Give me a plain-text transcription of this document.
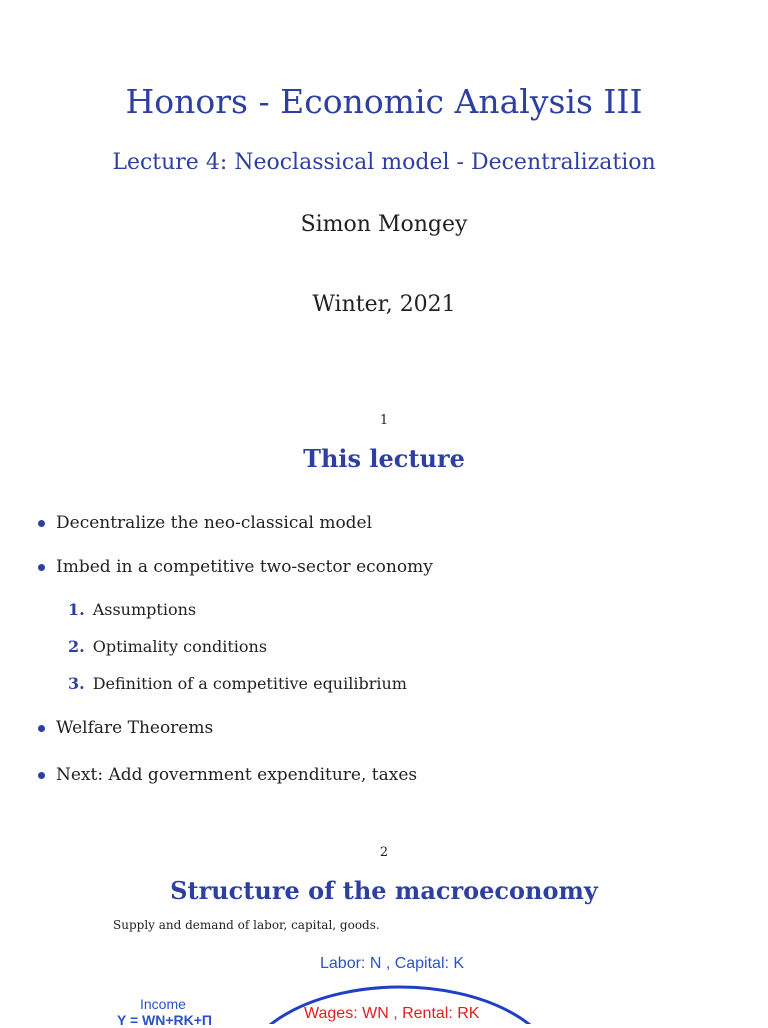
Honors - Economic Analysis III
Lecture 4: Neoclassical model - Decentralization
Simon Mongey
Winter, 2021
1
This lecture
Decentralize the neo-classical model
Imbed in a competitive two-sector economy
1. Assumptions
2. Optimality conditions
3. Definition of a competitive equilibrium
Welfare Theorems
Next: Add government expenditure, taxes
2
Structure of the macroeconomy
Supply and demand of labor, capital, goods.
Labor: N , Capital: K
Income
Y = WN+RK+Π	Wages: WN , Rental: RK
